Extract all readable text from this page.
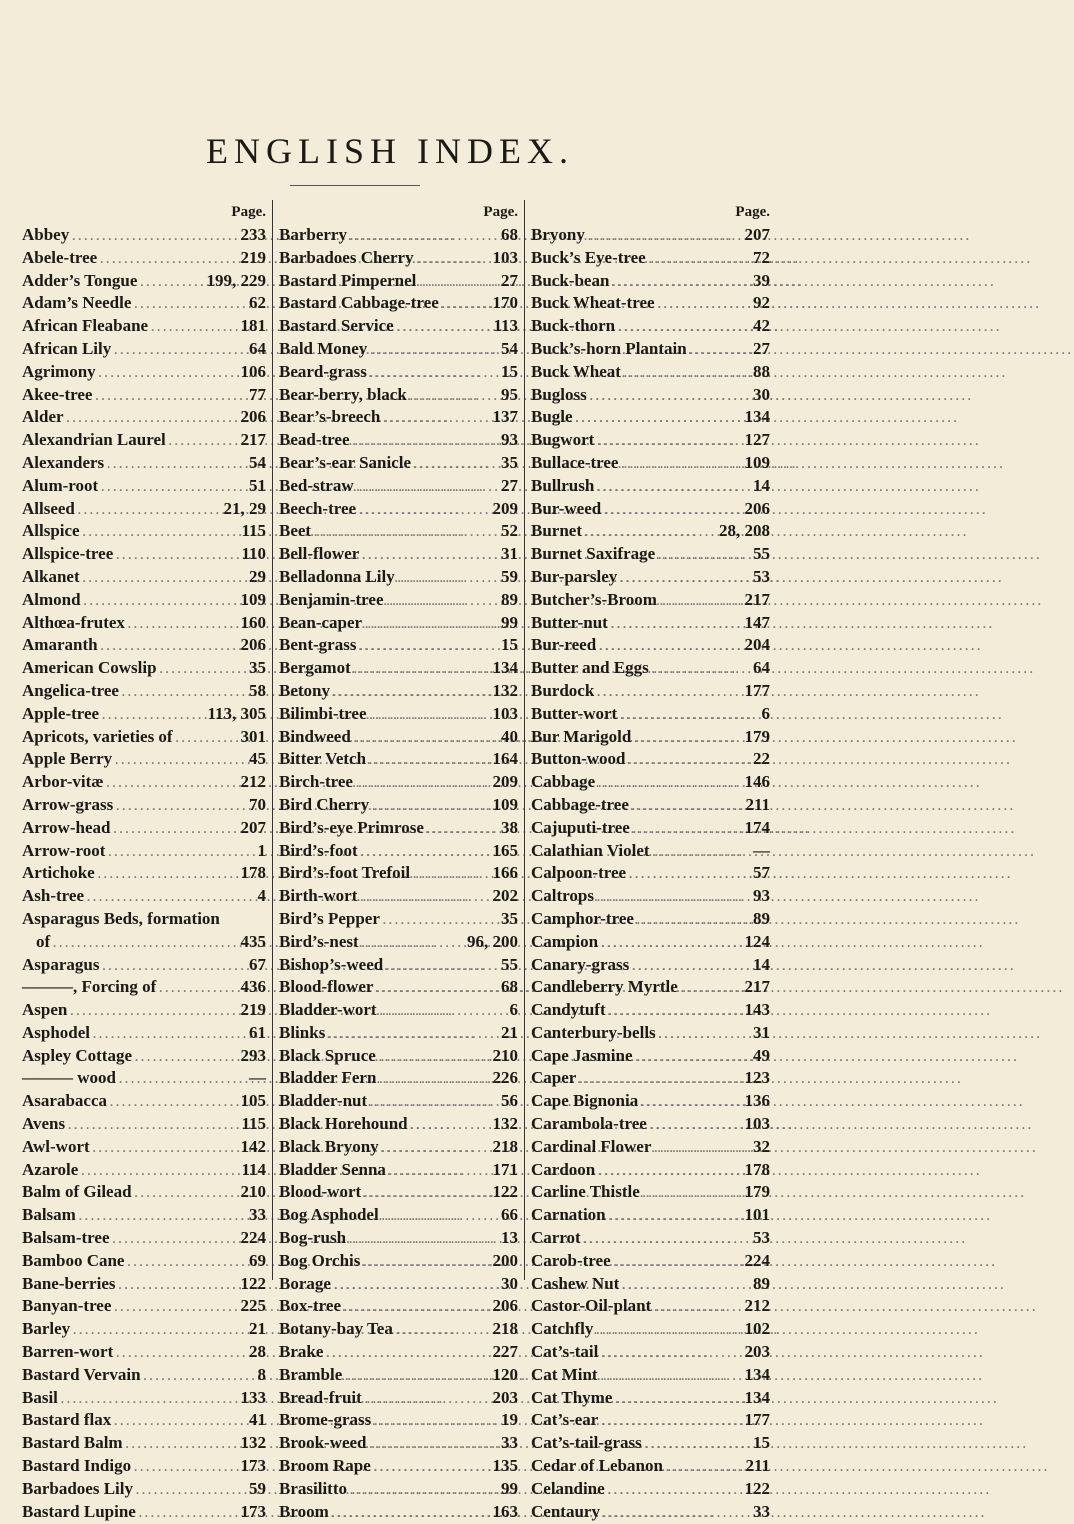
ENGLISH INDEX.
Page.
Abbey .....	233
Abele-tree .....	219
Adder’s Tongue .....	199, 229
Adam’s Needle .....	62
African Fleabane .....	181
African Lily .....	64
Agrimony .....	106
Akee-tree .....	77
Alder .....	206
Alexandrian Laurel .....	217
Alexanders .....	54
Alum-root .....	51
Allseed .....	21, 29
Allspice .....	115
Allspice-tree .....	110
Alkanet .....	29
Almond .....	109
Althœa-frutex .....	160
Amaranth .....	206
American Cowslip .....	35
Angelica-tree .....	58
Apple-tree .....	113, 305
Apricots, varieties of .....	301
Apple Berry .....	45
Arbor-vitæ .....	212
Arrow-grass .....	70
Arrow-head .....	207
Arrow-root .....	1
Artichoke .....	178
Ash-tree .....	4
Asparagus Beds, formation
of .....	435
Asparagus .....	67
———, Forcing of .....	436
Aspen .....	219
Asphodel .....	61
Aspley Cottage .....	293
——— wood .....	—
Asarabacca .....	105
Avens .....	115
Awl-wort .....	142
Azarole .....	114
Balm of Gilead .....	210
Balsam .....	33
Balsam-tree .....	224
Bamboo Cane .....	69
Bane-berries .....	122
Banyan-tree .....	225
Barley .....	21
Barren-wort .....	28
Bastard Vervain .....	8
Basil .....	133
Bastard flax .....	41
Bastard Balm .....	132
Bastard Indigo .....	173
Barbadoes Lily .....	59
Bastard Lupine .....	173
Page.
Barberry .....	68
Barbadoes Cherry .....	103
Bastard Pimpernel .....	27
Bastard Cabbage-tree .....	170
Bastard Service .....	113
Bald Money .....	54
Beard-grass .....	15
Bear-berry, black .....	95
Bear’s-breech .....	137
Bead-tree .....	93
Bear’s-ear Sanicle .....	35
Bed-straw .....	27
Beech-tree .....	209
Beet .....	52
Bell-flower .....	31
Belladonna Lily .....	59
Benjamin-tree .....	89
Bean-caper .....	99
Bent-grass .....	15
Bergamot .....	134
Betony .....	132
Bilimbi-tree .....	103
Bindweed .....	40
Bitter Vetch .....	164
Birch-tree .....	209
Bird Cherry .....	109
Bird’s-eye Primrose .....	38
Bird’s-foot .....	165
Bird’s-foot Trefoil .....	166
Birth-wort .....	202
Bird’s Pepper .....	35
Bird’s-nest .....	96, 200
Bishop’s-weed .....	55
Blood-flower .....	68
Bladder-wort .....	6
Blinks .....	21
Black Spruce .....	210
Bladder Fern .....	226
Bladder-nut .....	56
Black Horehound .....	132
Black Bryony .....	218
Bladder Senna .....	171
Blood-wort .....	122
Bog Asphodel .....	66
Bog-rush .....	13
Bog Orchis .....	200
Borage .....	30
Box-tree .....	206
Botany-bay Tea .....	218
Brake .....	227
Bramble .....	120
Bread-fruit .....	203
Brome-grass .....	19
Brook-weed .....	33
Broom Rape .....	135
Brasilitto .....	99
Broom .....	163
Page.
Bryony .....	207
Buck’s Eye-tree .....	72
Buck-bean .....	39
Buck Wheat-tree .....	92
Buck-thorn .....	42
Buck’s-horn Plantain .....	27
Buck Wheat .....	88
Bugloss .....	30
Bugle .....	134
Bugwort .....	127
Bullace-tree .....	109
Bullrush .....	14
Bur-weed .....	206
Burnet .....	28, 208
Burnet Saxifrage .....	55
Bur-parsley .....	53
Butcher’s-Broom .....	217
Butter-nut .....	147
Bur-reed .....	204
Butter and Eggs .....	64
Burdock .....	177
Butter-wort .....	6
Bur Marigold .....	179
Button-wood .....	22
Cabbage .....	146
Cabbage-tree .....	211
Cajuputi-tree .....	174
Calathian Violet .....	—
Calpoon-tree .....	57
Caltrops .....	93
Camphor-tree .....	89
Campion .....	124
Canary-grass .....	14
Candleberry Myrtle .....	217
Candytuft .....	143
Canterbury-bells .....	31
Cape Jasmine .....	49
Caper .....	123
Cape Bignonia .....	136
Carambola-tree .....	103
Cardinal Flower .....	32
Cardoon .....	178
Carline Thistle .....	179
Carnation .....	101
Carrot .....	53
Carob-tree .....	224
Cashew Nut .....	89
Castor-Oil-plant .....	212
Catchfly .....	102
Cat’s-tail .....	203
Cat Mint .....	134
Cat Thyme .....	134
Cat’s-ear .....	177
Cat’s-tail-grass .....	15
Cedar of Lebanon .....	211
Celandine .....	122
Centaury .....	33
